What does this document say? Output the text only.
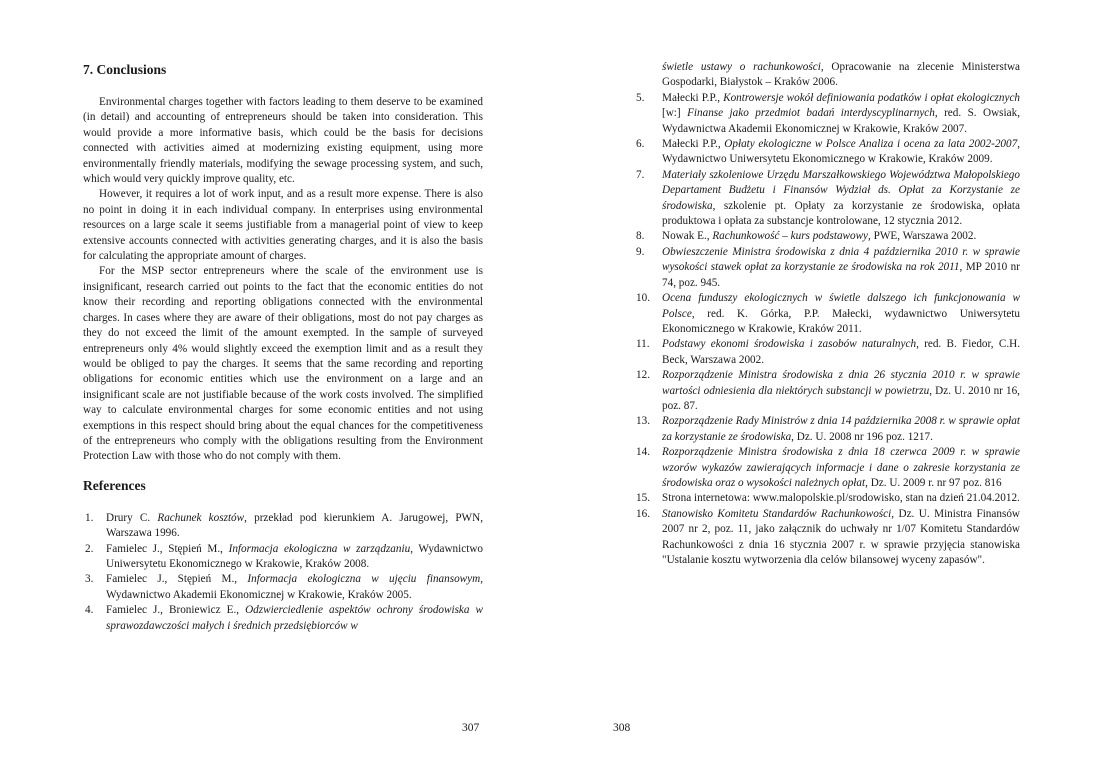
7. Conclusions

Environmental charges together with factors leading to them deserve to be examined (in detail) and accounting of entrepreneurs should be taken into consideration. This would provide a more informative basis, which could be the basis for decisions connected with activities aimed at modernizing existing equipment, using more environmentally friendly materials, modifying the sewage processing system, and such, which would very quickly improve quality, etc.

However, it requires a lot of work input, and as a result more expense. There is also no point in doing it in each individual company. In enterprises using environmental resources on a large scale it seems justifiable from a managerial point of view to keep extensive accounts connected with activities generating charges, and it is also the basis for calculating the appropriate amount of charges.

For the MSP sector entrepreneurs where the scale of the environment use is insignificant, research carried out points to the fact that the economic entities do not know their recording and reporting obligations connected with the environmental charges. In cases where they are aware of their obligations, most do not pay charges as they do not exceed the limit of the amount exempted. In the sample of surveyed entrepreneurs only 4% would slightly exceed the exemption limit and as a result they would be obliged to pay the charges. It seems that the same recording and reporting obligations for economic entities which use the environment on a large and an insignificant scale are not justifiable because of the work costs involved. The simplified way to calculate environmental charges for some economic entities and not using exemptions in this respect should bring about the equal chances for the competitiveness of the entrepreneurs who comply with the obligations resulting from the Environment Protection Law with those who do not comply with them.

References
1. Drury C. Rachunek kosztów, przekład pod kierunkiem A. Jarugowej, PWN, Warszawa 1996.
2. Famielec J., Stępień M., Informacja ekologiczna w zarządzaniu, Wydawnictwo Uniwersytetu Ekonomicznego w Krakowie, Kraków 2008.
3. Famielec J., Stępień M., Informacja ekologiczna w ujęciu finansowym, Wydawnictwo Akademii Ekonomicznej w Krakowie, Kraków 2005.
4. Famielec J., Broniewicz E., Odzwierciedlenie aspektów ochrony środowiska w sprawozdawczości małych i średnich przedsiębiorców w
307

świetle ustawy o rachunkowości, Opracowanie na zlecenie Ministerstwa Gospodarki, Białystok – Kraków 2006.

5. Małecki P.P., Kontrowersje wokół definiowania podatków i opłat ekologicznych [w:] Finanse jako przedmiot badań interdyscyplinarnych, red. S. Owsiak, Wydawnictwa Akademii Ekonomicznej w Krakowie, Kraków 2007.
6. Małecki P.P., Opłaty ekologiczne w Polsce Analiza i ocena za lata 2002-2007, Wydawnictwo Uniwersytetu Ekonomicznego w Krakowie, Kraków 2009.
7. Materiały szkoleniowe Urzędu Marszałkowskiego Województwa Małopolskiego Departament Budżetu i Finansów Wydział ds. Opłat za Korzystanie ze środowiska, szkolenie pt. Opłaty za korzystanie ze środowiska, opłata produktowa i opłata za substancje kontrolowane, 12 stycznia 2012.
8. Nowak E., Rachunkowość – kurs podstawowy, PWE, Warszawa 2002.
9. Obwieszczenie Ministra środowiska z dnia 4 października 2010 r. w sprawie wysokości stawek opłat za korzystanie ze środowiska na rok 2011, MP 2010 nr 74, poz. 945.
10. Ocena funduszy ekologicznych w świetle dalszego ich funkcjonowania w Polsce, red. K. Górka, P.P. Małecki, wydawnictwo Uniwersytetu Ekonomicznego w Krakowie, Kraków 2011.
11. Podstawy ekonomi środowiska i zasobów naturalnych, red. B. Fiedor, C.H. Beck, Warszawa 2002.
12. Rozporządzenie Ministra środowiska z dnia 26 stycznia 2010 r. w sprawie wartości odniesienia dla niektórych substancji w powietrzu, Dz. U. 2010 nr 16, poz. 87.
13. Rozporządzenie Rady Ministrów z dnia 14 października 2008 r. w sprawie opłat za korzystanie ze środowiska, Dz. U. 2008 nr 196 poz. 1217.
14. Rozporządzenie Ministra środowiska z dnia 18 czerwca 2009 r. w sprawie wzorów wykazów zawierających informacje i dane o zakresie korzystania ze środowiska oraz o wysokości należnych opłat, Dz. U. 2009 r. nr 97 poz. 816
15. Strona internetowa: www.malopolskie.pl/srodowisko, stan na dzień 21.04.2012.
16. Stanowisko Komitetu Standardów Rachunkowości, Dz. U. Ministra Finansów 2007 nr 2, poz. 11, jako załącznik do uchwały nr 1/07 Komitetu Standardów Rachunkowości z dnia 16 stycznia 2007 r. w sprawie przyjęcia stanowiska "Ustalanie kosztu wytworzenia dla celów bilansowej wyceny zapasów".
308
